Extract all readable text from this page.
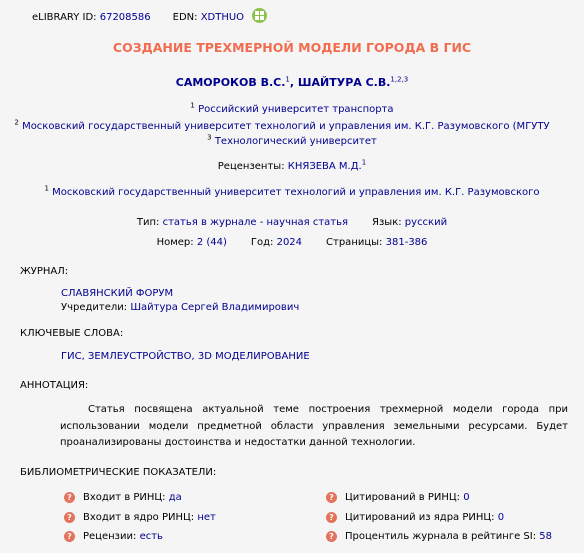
eLIBRARY ID:
67208586 EDN:
XDTHUO
СОЗДАНИЕ ТРЕХМЕРНОЙ МОДЕЛИ ГОРОДА В ГИС
САМОРОКОВ В.С.$^1$, ШАЙТУРА С.В.$^{1,2,3}$
$^1$ Российский университет транспорта
$^2$ Московский государственный университет технологий и управления им. К.Г. Разумовского (МГУТУ
$^3$ Технологический университет
Рецензенты: КНЯЗЕВА М.Д.$^1$
$^1$ Московский государственный университет технологий и управления им. К.Г. Разумовского
Тип: статья в журнале - научная статья Язык: русский
Номер: 2 (44) Год: 2024 Страницы: 381-386
ЖУРНАЛ:
СЛАВЯНСКИЙ ФОРУМ
Учредители: Шайтура Сергей Владимирович
КЛЮЧЕВЫЕ СЛОВА:
ГИС, ЗЕМЛЕУСТРОЙСТВО, 3D МОДЕЛИРОВАНИЕ
АННОТАЦИЯ:
Статья посвящена актуальной теме построения трехмерной модели города при использовании модели предметной области управления земельными ресурсами. Будет проанализированы достоинства и недостатки данной технологии.
БИБЛИОМЕТРИЧЕСКИЕ ПОКАЗАТЕЛИ:
?	Входит в РИНЦ:
да
?	Входит в ядро РИНЦ:
нет
?	Рецензии:
есть
?	Цитирований в РИНЦ:
0
?	Цитирований из ядра РИНЦ:
0
?	Процентиль журнала в рейтинге SI:
58
